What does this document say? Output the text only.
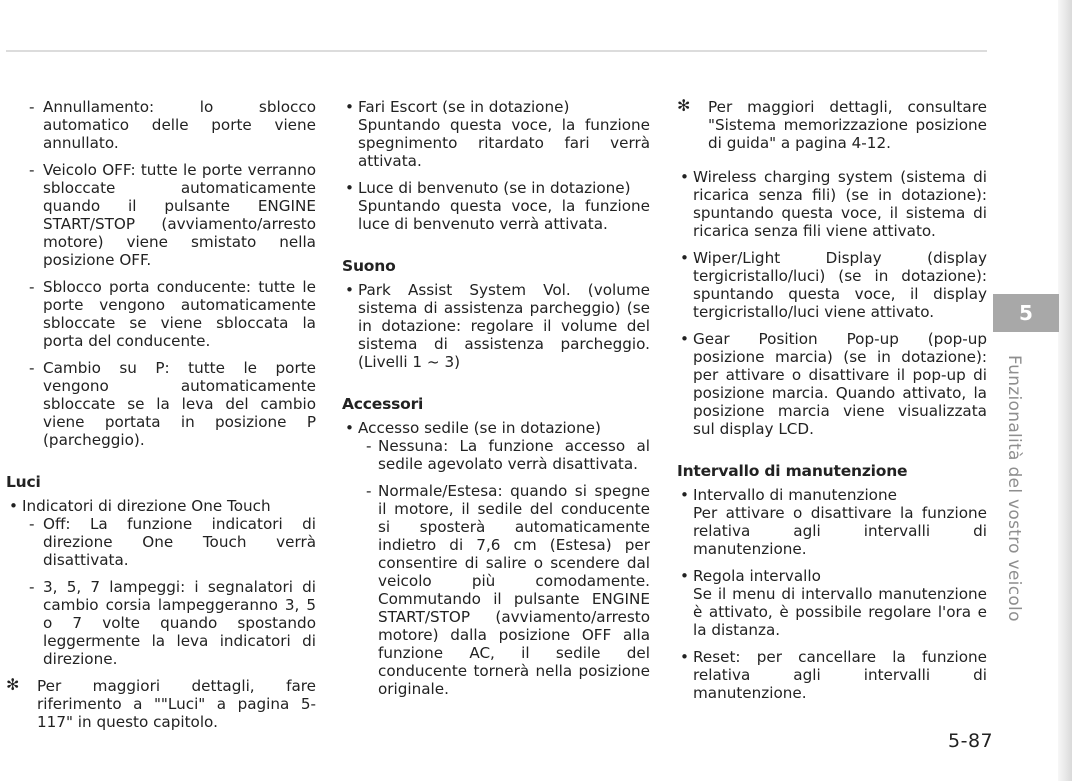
- Annullamento: lo sblocco automatico delle porte viene annullato.
- Veicolo OFF: tutte le porte verranno sbloccate automaticamente quando il pulsante ENGINE START/STOP (avviamento/arresto motore) viene smistato nella posizione OFF.
- Sblocco porta conducente: tutte le porte vengono automaticamente sbloccate se viene sbloccata la porta del conducente.
- Cambio su P: tutte le porte vengono automaticamente sbloccate se la leva del cambio viene portata in posizione P (parcheggio).
Luci
• Indicatori di direzione One Touch
- Off: La funzione indicatori di direzione One Touch verrà disattivata.
- 3, 5, 7 lampeggi: i segnalatori di cambio corsia lampeggeranno 3, 5 o 7 volte quando spostando leggermente la leva indicatori di direzione.
✻ Per maggiori dettagli, fare riferimento a ""Luci" a pagina 5-117" in questo capitolo.
• Fari Escort (se in dotazione)
Spuntando questa voce, la funzione spegnimento ritardato fari verrà attivata.
• Luce di benvenuto (se in dotazione)
Spuntando questa voce, la funzione luce di benvenuto verrà attivata.
Suono
• Park Assist System Vol. (volume sistema di assistenza parcheggio) (se in dotazione: regolare il volume del sistema di assistenza parcheggio. (Livelli 1 ~ 3)
Accessori
• Accesso sedile (se in dotazione)
- Nessuna: La funzione accesso al sedile agevolato verrà disattivata.
- Normale/Estesa: quando si spegne il motore, il sedile del conducente si sposterà automaticamente indietro di 7,6 cm (Estesa) per consentire di salire o scendere dal veicolo più comodamente. Commutando il pulsante ENGINE START/STOP (avviamento/arresto motore) dalla posizione OFF alla funzione AC, il sedile del conducente tornerà nella posizione originale.
✻ Per maggiori dettagli, consultare "Sistema memorizzazione posizione di guida" a pagina 4-12.
• Wireless charging system (sistema di ricarica senza fili) (se in dotazione): spuntando questa voce, il sistema di ricarica senza fili viene attivato.
• Wiper/Light Display (display tergicristallo/luci) (se in dotazione): spuntando questa voce, il display tergicristallo/luci viene attivato.
• Gear Position Pop-up (pop-up posizione marcia) (se in dotazione): per attivare o disattivare il pop-up di posizione marcia. Quando attivato, la posizione marcia viene visualizzata sul display LCD.
Intervallo di manutenzione
• Intervallo di manutenzione
Per attivare o disattivare la funzione relativa agli intervalli di manutenzione.
• Regola intervallo
Se il menu di intervallo manutenzione è attivato, è possibile regolare l'ora e la distanza.
• Reset: per cancellare la funzione relativa agli intervalli di manutenzione.
5
Funzionalità del vostro veicolo
5-87
